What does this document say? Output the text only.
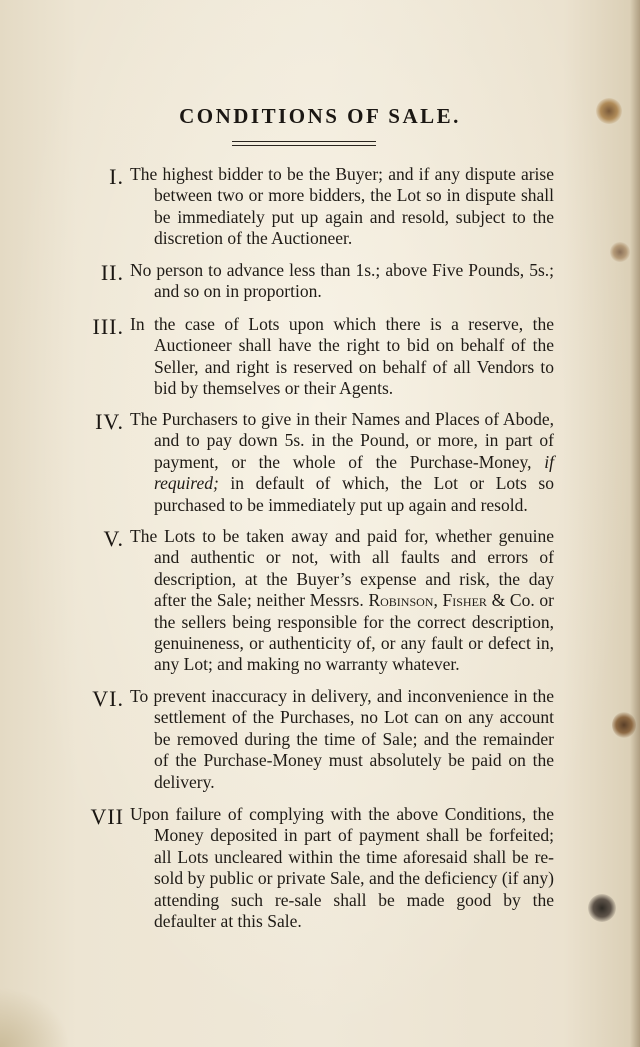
CONDITIONS OF SALE.
I. The highest bidder to be the Buyer; and if any dispute arise between two or more bidders, the Lot so in dispute shall be immediately put up again and resold, subject to the discretion of the Auctioneer.

II. No person to advance less than 1s.; above Five Pounds, 5s.; and so on in proportion.

III. In the case of Lots upon which there is a reserve, the Auctioneer shall have the right to bid on behalf of the Seller, and right is reserved on behalf of all Vendors to bid by themselves or their Agents.

IV. The Purchasers to give in their Names and Places of Abode, and to pay down 5s. in the Pound, or more, in part of payment, or the whole of the Purchase-Money, if required; in default of which, the Lot or Lots so purchased to be immediately put up again and resold.

V. The Lots to be taken away and paid for, whether genuine and authentic or not, with all faults and errors of description, at the Buyer’s expense and risk, the day after the Sale; neither Messrs. Robinson, Fisher & Co. or the sellers being responsible for the correct description, genuineness, or authenticity of, or any fault or defect in, any Lot; and making no warranty whatever.

VI. To prevent inaccuracy in delivery, and inconvenience in the settlement of the Purchases, no Lot can on any account be removed during the time of Sale; and the remainder of the Purchase-Money must absolutely be paid on the delivery.

VII Upon failure of complying with the above Conditions, the Money deposited in part of payment shall be forfeited; all Lots uncleared within the time aforesaid shall be re-sold by public or private Sale, and the deficiency (if any) attending such re-sale shall be made good by the defaulter at this Sale.
